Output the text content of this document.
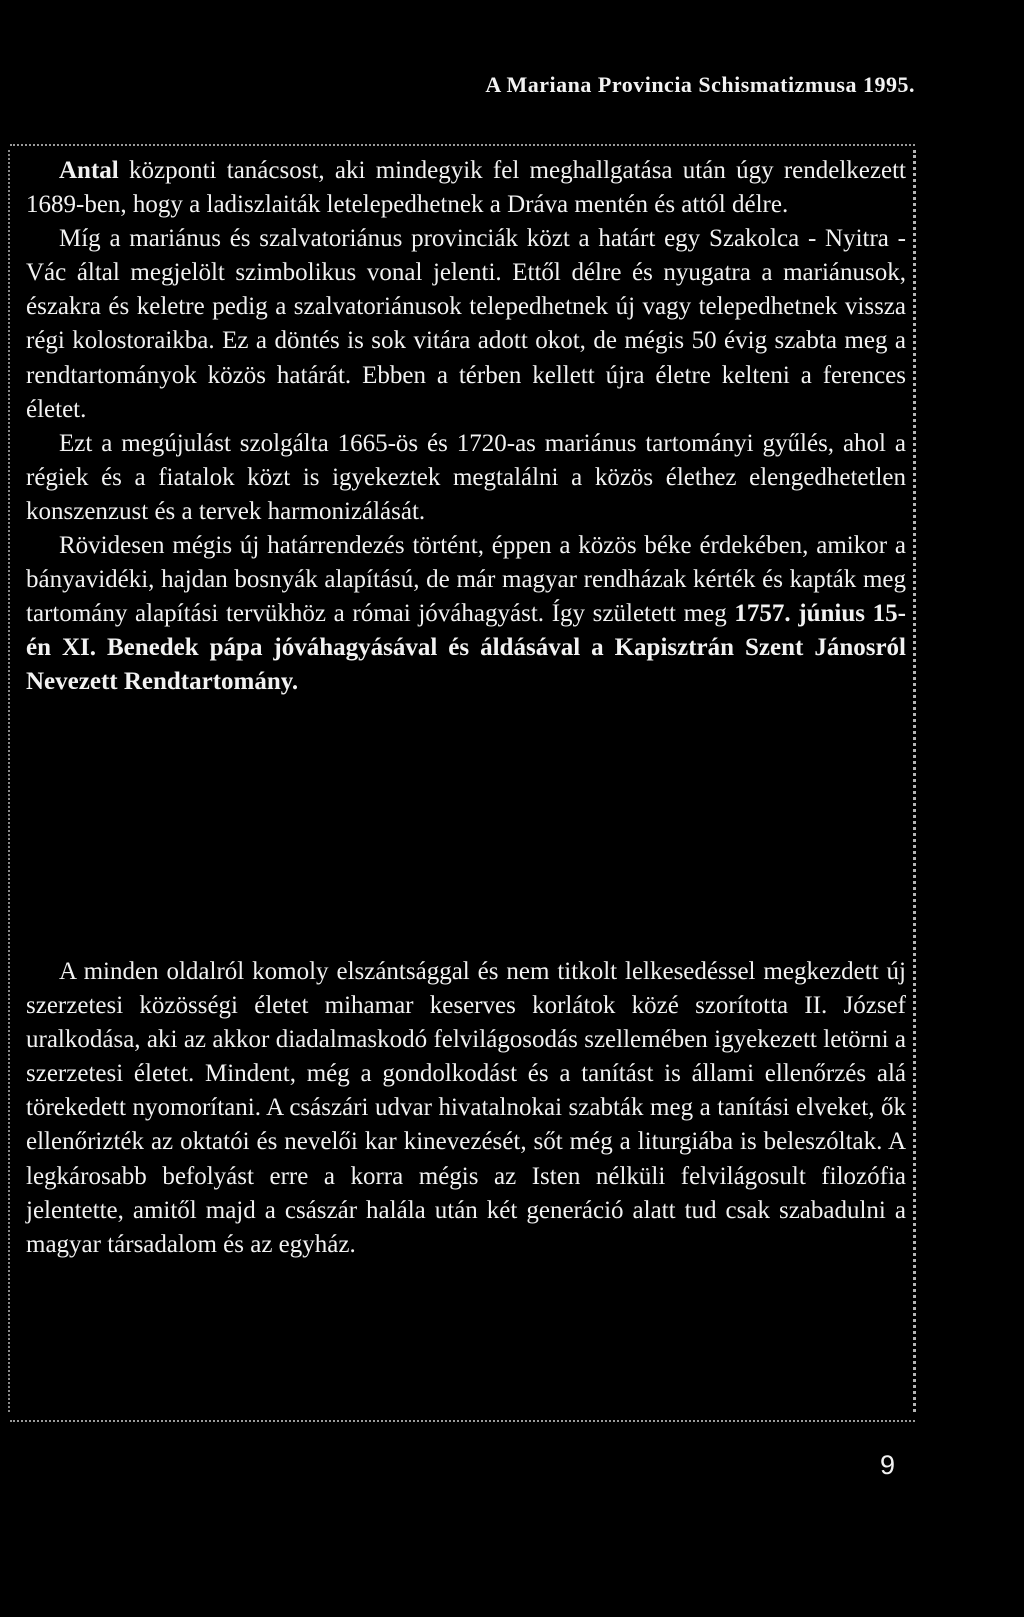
A Mariana Provincia Schismatizmusa 1995.

Antal központi tanácsost, aki mindegyik fel meghallgatása után úgy rendelkezett 1689-ben, hogy a ladiszlaiták letelepedhetnek a Dráva mentén és attól délre.

Míg a mariánus és szalvatoriánus provinciák közt a határt egy Szakolca - Nyitra - Vác által megjelölt szimbolikus vonal jelenti. Ettől délre és nyugatra a mariánusok, északra és keletre pedig a szalvatoriánusok telepedhetnek új vagy telepedhetnek vissza régi kolostoraikba. Ez a döntés is sok vitára adott okot, de mégis 50 évig szabta meg a rendtartományok közös határát. Ebben a térben kellett újra életre kelteni a ferences életet.

Ezt a megújulást szolgálta 1665-ös és 1720-as mariánus tartományi gyűlés, ahol a régiek és a fiatalok közt is igyekeztek megtalálni a közös élethez elengedhetetlen konszenzust és a tervek harmonizálását.

Rövidesen mégis új határrendezés történt, éppen a közös béke érdekében, amikor a bányavidéki, hajdan bosnyák alapítású, de már magyar rendházak kérték és kapták meg tartomány alapítási tervükhöz a római jóváhagyást. Így született meg 1757. június 15-én XI. Benedek pápa jóváhagyásával és áldásával a Kapisztrán Szent Jánosról Nevezett Rendtartomány.

A minden oldalról komoly elszántsággal és nem titkolt lelkesedéssel megkezdett új szerzetesi közösségi életet mihamar keserves korlátok közé szorította II. József uralkodása, aki az akkor diadalmaskodó felvilágosodás szellemében igyekezett letörni a szerzetesi életet. Mindent, még a gondolkodást és a tanítást is állami ellenőrzés alá törekedett nyomorítani. A császári udvar hivatalnokai szabták meg a tanítási elveket, ők ellenőrizték az oktatói és nevelői kar kinevezését, sőt még a liturgiába is beleszóltak. A legkárosabb befolyást erre a korra mégis az Isten nélküli felvilágosult filozófia jelentette, amitől majd a császár halála után két generáció alatt tud csak szabadulni a magyar társadalom és az egyház.

9
